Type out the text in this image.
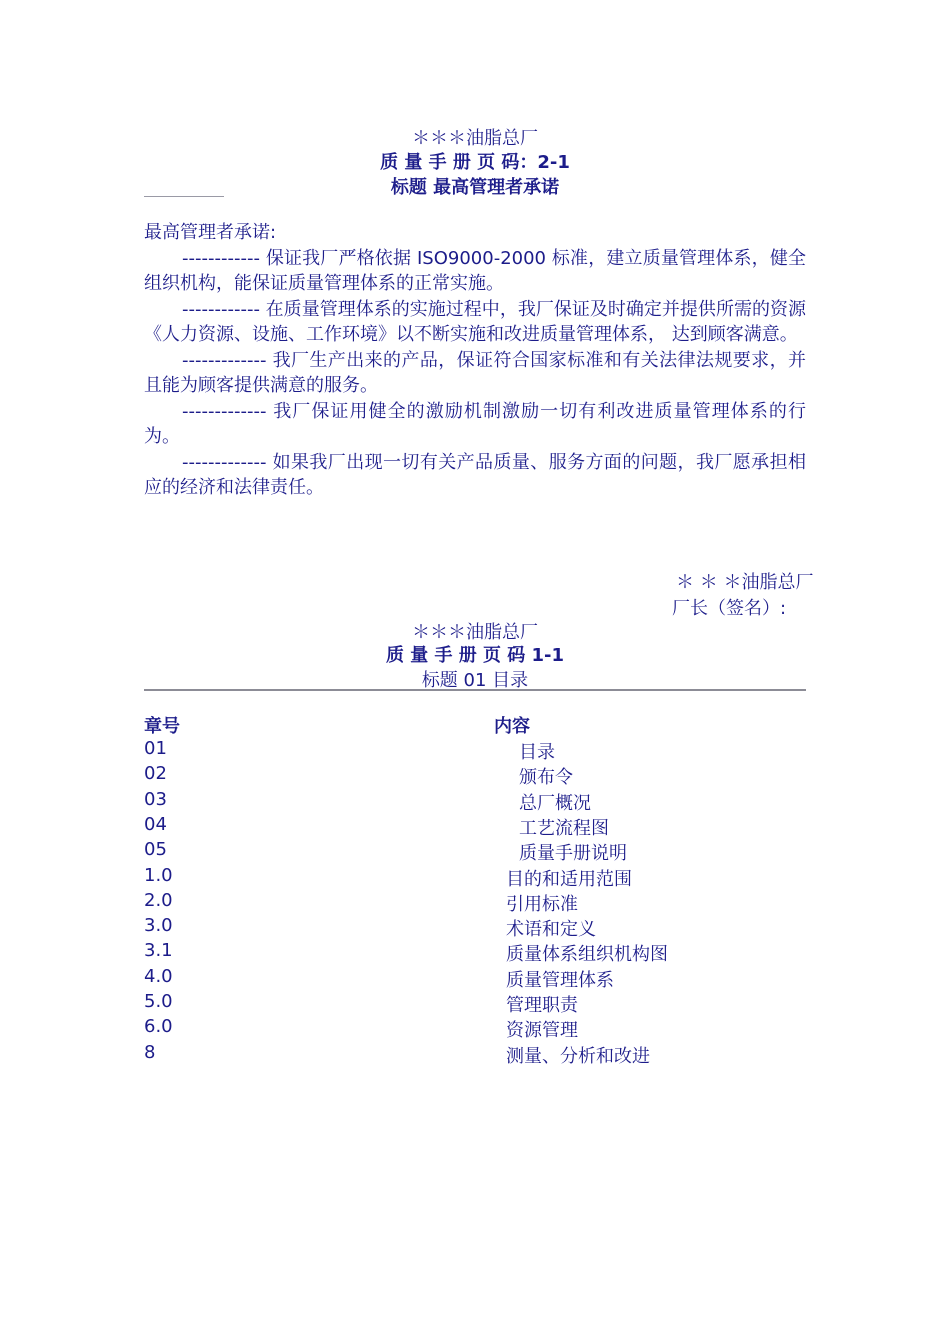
＊＊＊油脂总厂
质 量 手 册 页 码：2-1
标题 最高管理者承诺

最高管理者承诺:

------------ 保证我厂严格依据 ISO9000-2000 标准，建立质量管理体系，健全组织机构，能保证质量管理体系的正常实施。

------------ 在质量管理体系的实施过程中，我厂保证及时确定并提供所需的资源《人力资源、设施、工作环境》以不断实施和改进质量管理体系， 达到顾客满意。

------------- 我厂生产出来的产品，保证符合国家标准和有关法律法规要求，并且能为顾客提供满意的服务。

------------- 我厂保证用健全的激励机制激励一切有利改进质量管理体系的行为。

------------- 如果我厂出现一切有关产品质量、服务方面的问题，我厂愿承担相应的经济和法律责任。

＊ ＊ ＊油脂总厂
厂长（签名）:
＊＊＊油脂总厂
质 量 手 册 页 码 1-1
标题 01 目录
章号	内容
01	目录
02	颁布令
03	总厂概况
04	工艺流程图
05	质量手册说明
1.0	目的和适用范围
2.0	引用标准
3.0	术语和定义
3.1	质量体系组织机构图
4.0	质量管理体系
5.0	管理职责
6.0	资源管理
8	测量、分析和改进
